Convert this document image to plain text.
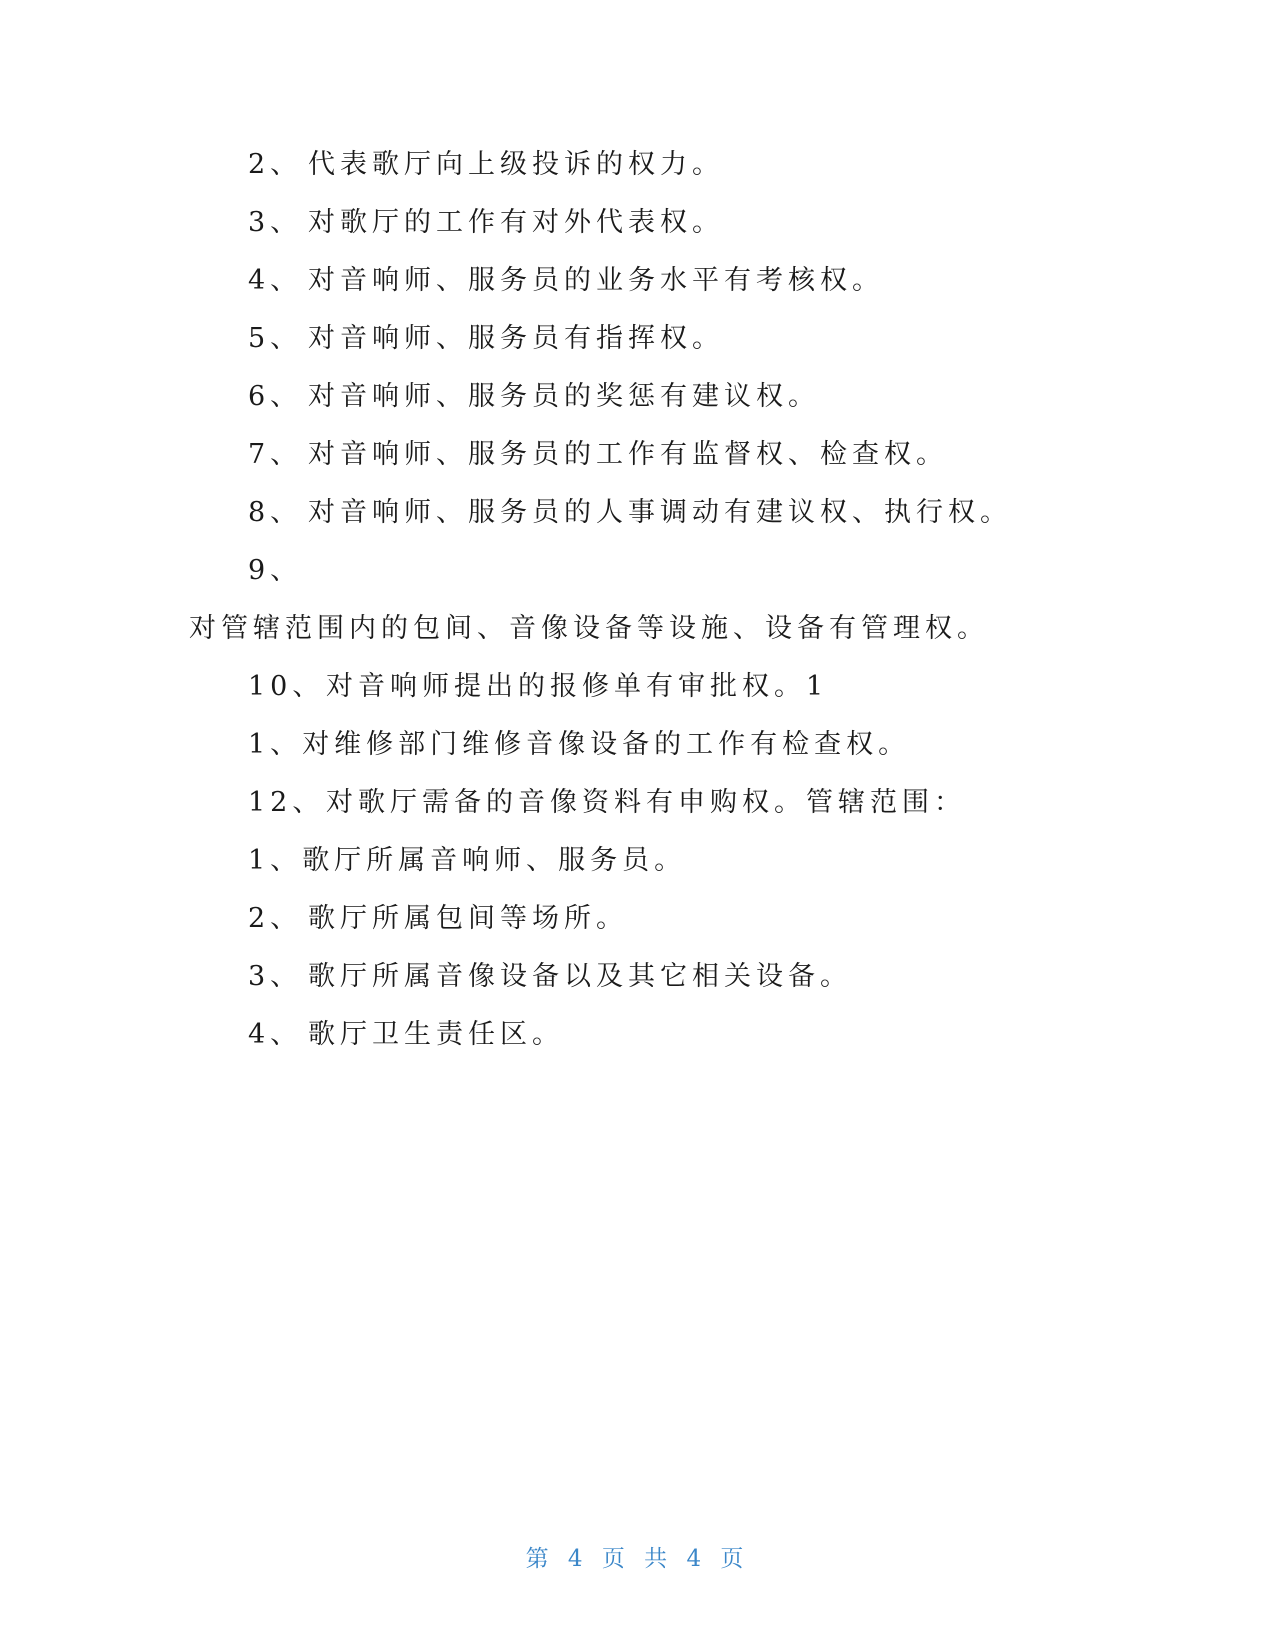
2、 代表歌厅向上级投诉的权力。
3、 对歌厅的工作有对外代表权。
4、 对音响师、服务员的业务水平有考核权。
5、 对音响师、服务员有指挥权。
6、 对音响师、服务员的奖惩有建议权。
7、 对音响师、服务员的工作有监督权、检查权。
8、 对音响师、服务员的人事调动有建议权、执行权。
9、
对管辖范围内的包间、音像设备等设施、设备有管理权。
10、对音响师提出的报修单有审批权。1
1、对维修部门维修音像设备的工作有检查权。
12、对歌厅需备的音像资料有申购权。管辖范围：
1、歌厅所属音响师、服务员。
2、 歌厅所属包间等场所。
3、 歌厅所属音像设备以及其它相关设备。
4、 歌厅卫生责任区。
第 4 页 共 4 页
